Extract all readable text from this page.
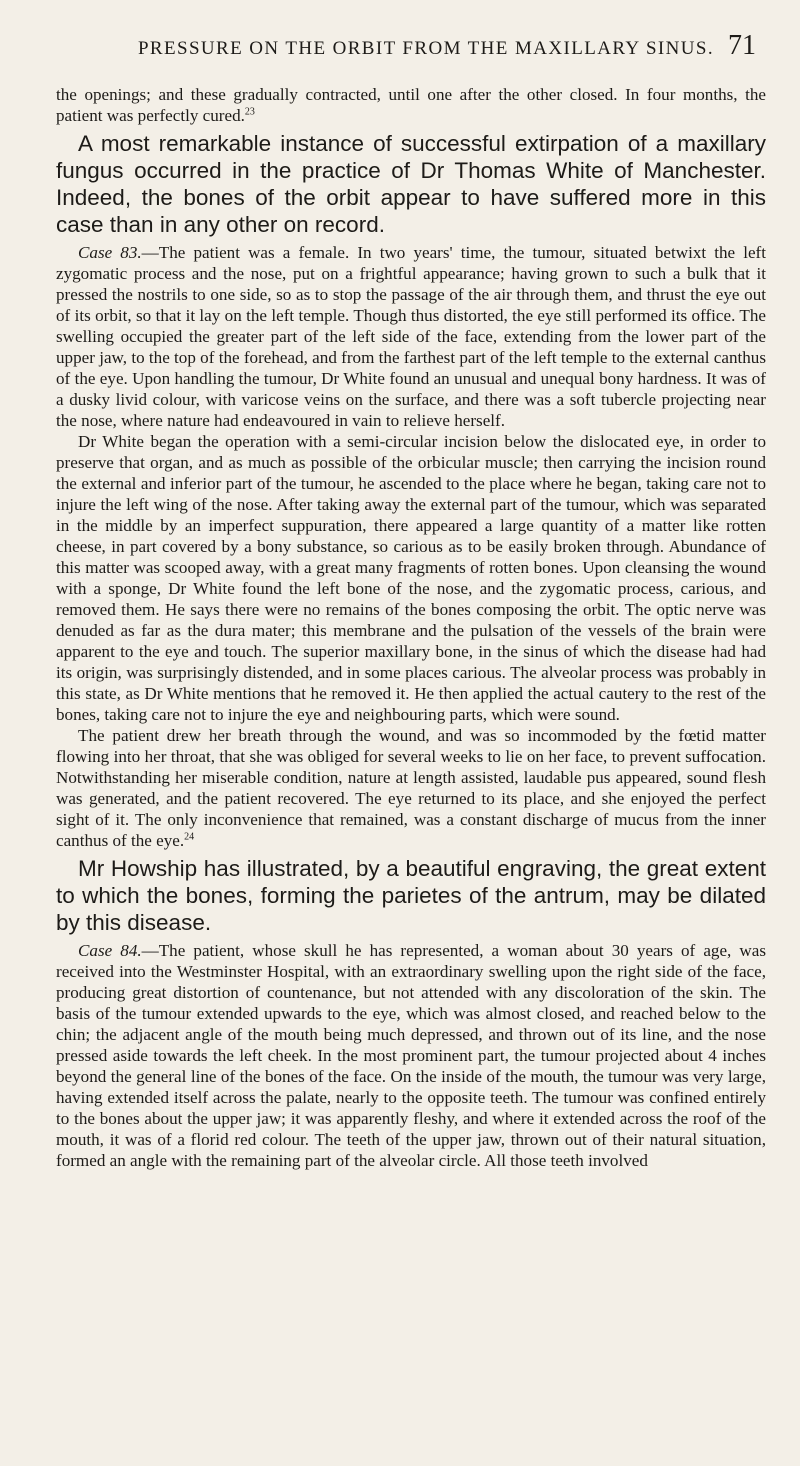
PRESSURE ON THE ORBIT FROM THE MAXILLARY SINUS. 71

the openings; and these gradually contracted, until one after the other closed. In four months, the patient was perfectly cured.$^{23}$

A most remarkable instance of successful extirpation of a maxillary fungus occurred in the practice of Dr Thomas White of Manchester. Indeed, the bones of the orbit appear to have suffered more in this case than in any other on record.

Case 83.—The patient was a female. In two years' time, the tumour, situated betwixt the left zygomatic process and the nose, put on a frightful appearance; having grown to such a bulk that it pressed the nostrils to one side, so as to stop the passage of the air through them, and thrust the eye out of its orbit, so that it lay on the left temple. Though thus distorted, the eye still performed its office. The swelling occupied the greater part of the left side of the face, extending from the lower part of the upper jaw, to the top of the forehead, and from the farthest part of the left temple to the external canthus of the eye. Upon handling the tumour, Dr White found an unusual and unequal bony hardness. It was of a dusky livid colour, with varicose veins on the surface, and there was a soft tubercle projecting near the nose, where nature had endeavoured in vain to relieve herself.

Dr White began the operation with a semi-circular incision below the dislocated eye, in order to preserve that organ, and as much as possible of the orbicular muscle; then carrying the incision round the external and inferior part of the tumour, he ascended to the place where he began, taking care not to injure the left wing of the nose. After taking away the external part of the tumour, which was separated in the middle by an imperfect suppuration, there appeared a large quantity of a matter like rotten cheese, in part covered by a bony substance, so carious as to be easily broken through. Abundance of this matter was scooped away, with a great many fragments of rotten bones. Upon cleansing the wound with a sponge, Dr White found the left bone of the nose, and the zygomatic process, carious, and removed them. He says there were no remains of the bones composing the orbit. The optic nerve was denuded as far as the dura mater; this membrane and the pulsation of the vessels of the brain were apparent to the eye and touch. The superior maxillary bone, in the sinus of which the disease had had its origin, was surprisingly distended, and in some places carious. The alveolar process was probably in this state, as Dr White mentions that he removed it. He then applied the actual cautery to the rest of the bones, taking care not to injure the eye and neighbouring parts, which were sound.

The patient drew her breath through the wound, and was so incommoded by the fœtid matter flowing into her throat, that she was obliged for several weeks to lie on her face, to prevent suffocation. Notwithstanding her miserable condition, nature at length assisted, laudable pus appeared, sound flesh was generated, and the patient recovered. The eye returned to its place, and she enjoyed the perfect sight of it. The only inconvenience that remained, was a constant discharge of mucus from the inner canthus of the eye.$^{24}$

Mr Howship has illustrated, by a beautiful engraving, the great extent to which the bones, forming the parietes of the antrum, may be dilated by this disease.

Case 84.—The patient, whose skull he has represented, a woman about 30 years of age, was received into the Westminster Hospital, with an extraordinary swelling upon the right side of the face, producing great distortion of countenance, but not attended with any discoloration of the skin. The basis of the tumour extended upwards to the eye, which was almost closed, and reached below to the chin; the adjacent angle of the mouth being much depressed, and thrown out of its line, and the nose pressed aside towards the left cheek. In the most prominent part, the tumour projected about 4 inches beyond the general line of the bones of the face. On the inside of the mouth, the tumour was very large, having extended itself across the palate, nearly to the opposite teeth. The tumour was confined entirely to the bones about the upper jaw; it was apparently fleshy, and where it extended across the roof of the mouth, it was of a florid red colour. The teeth of the upper jaw, thrown out of their natural situation, formed an angle with the remaining part of the alveolar circle. All those teeth involved
